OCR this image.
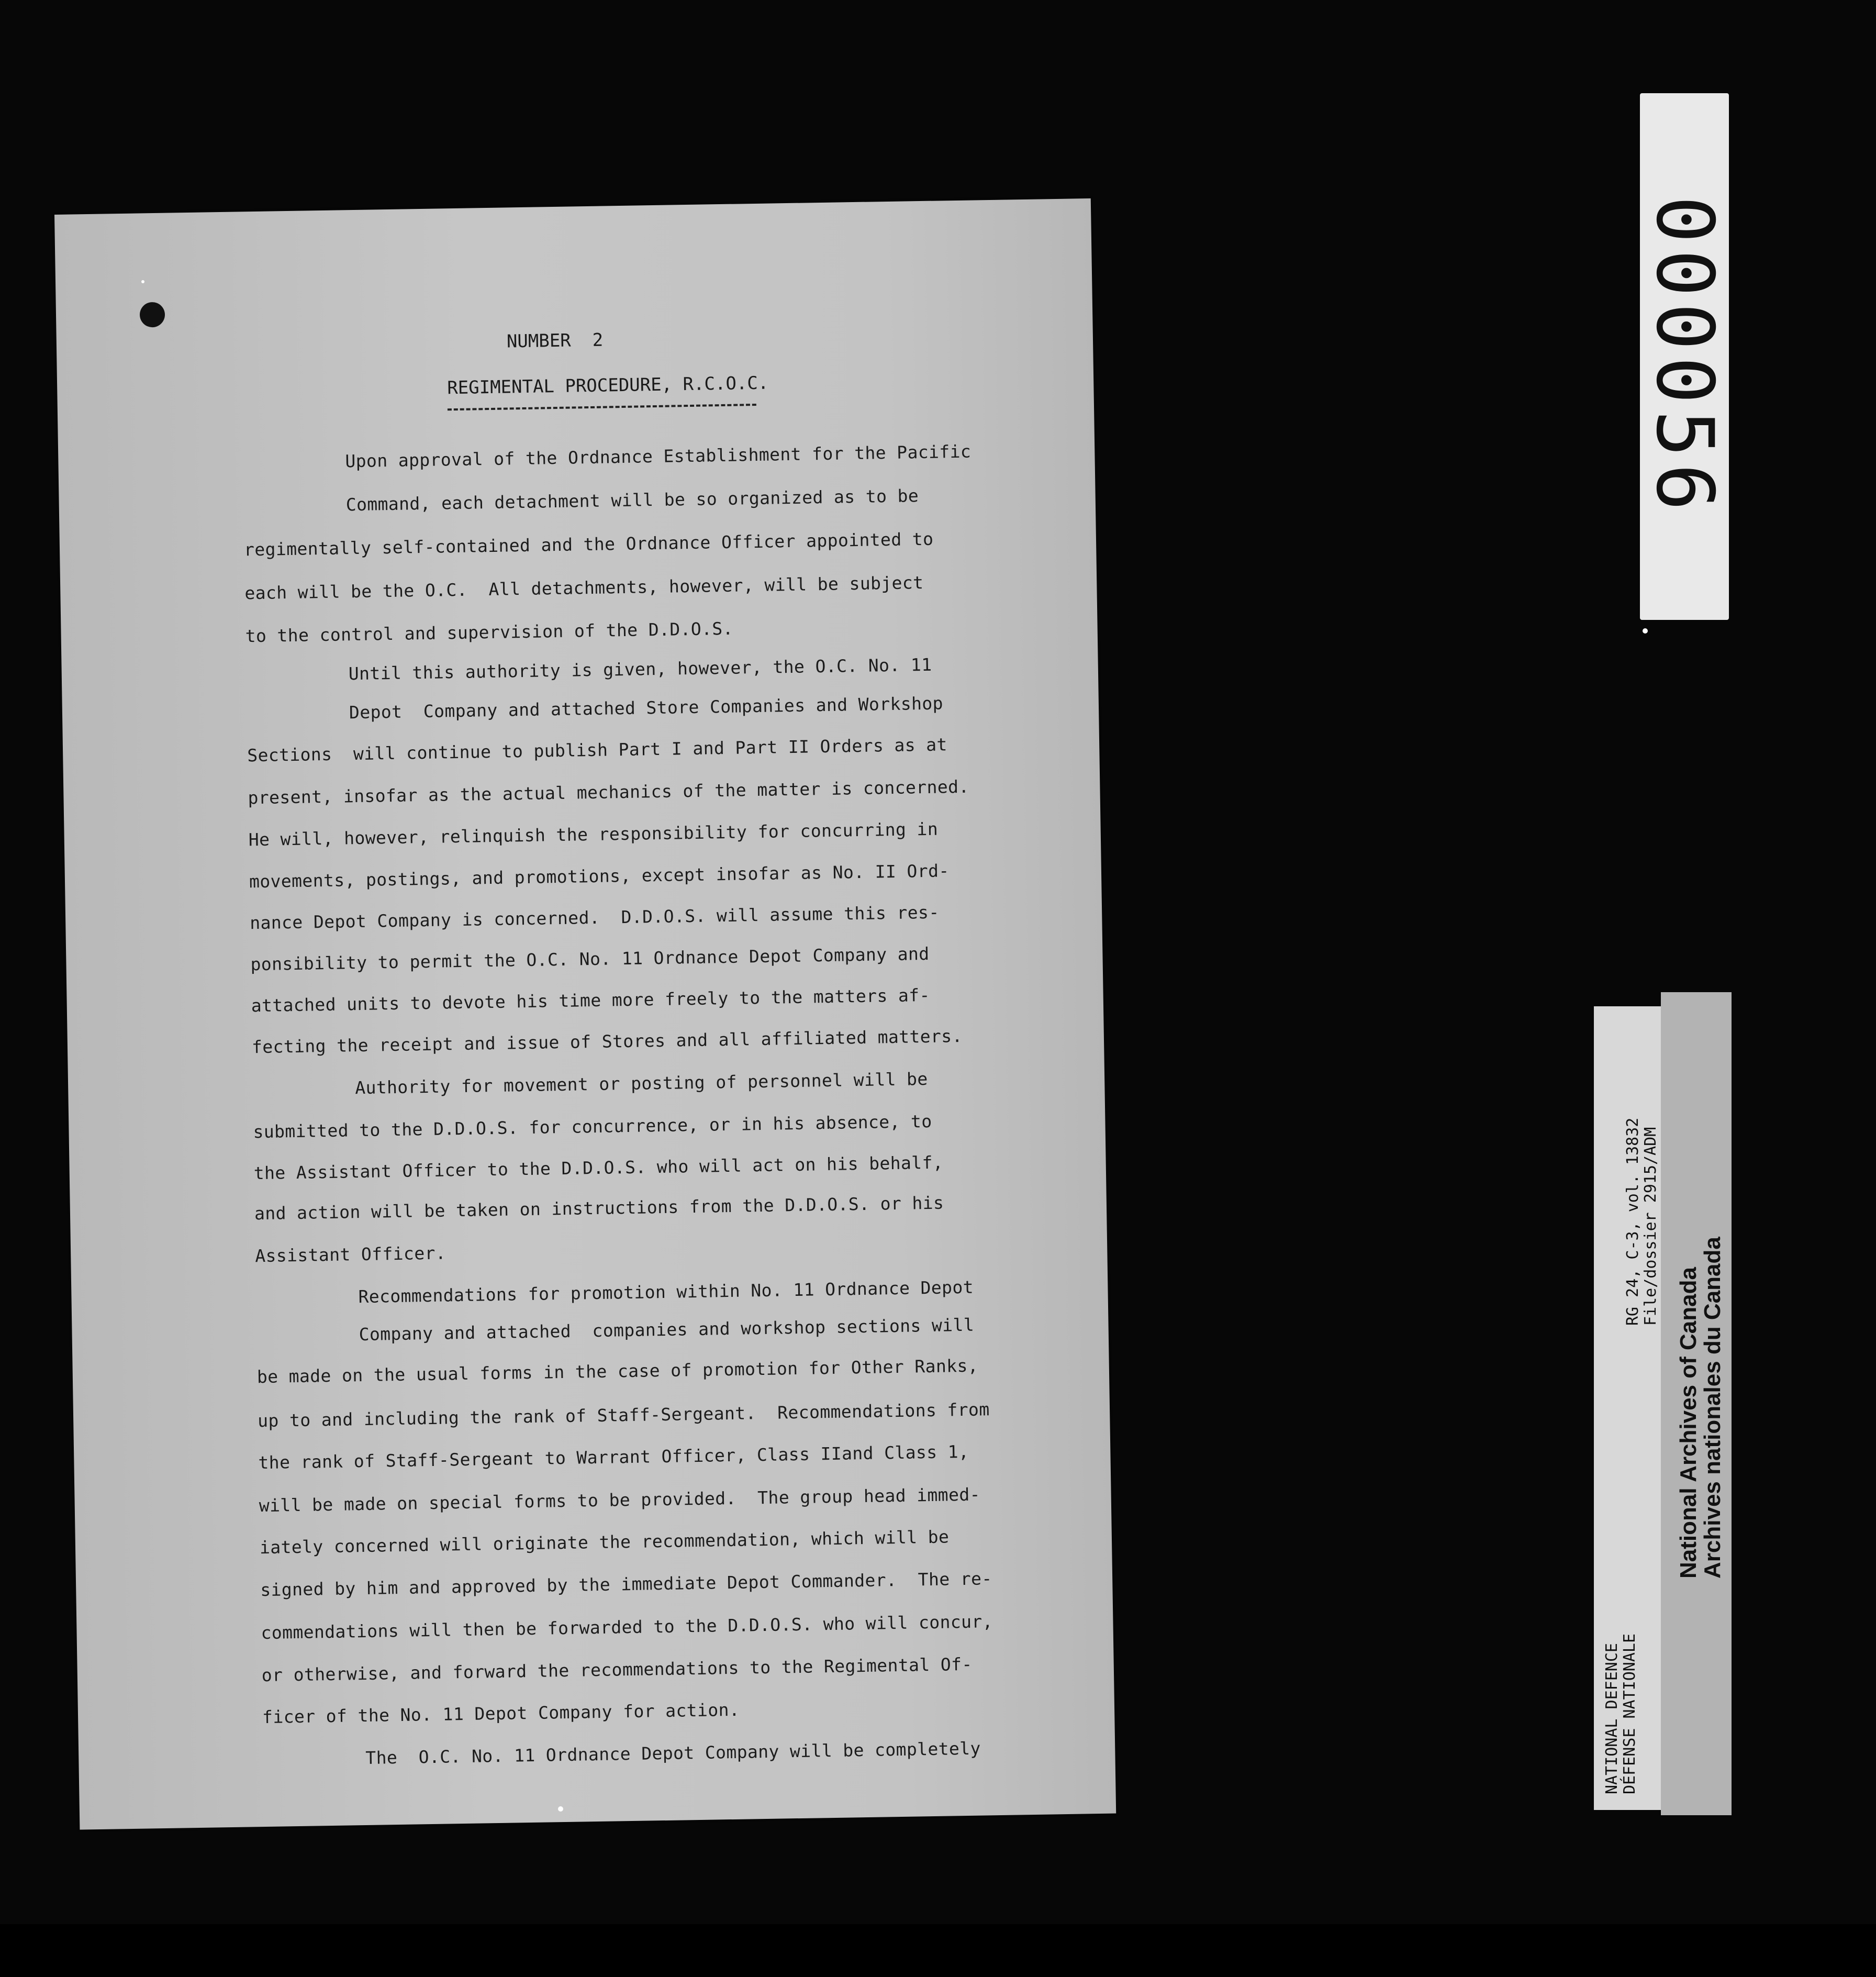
NUMBER  2
REGIMENTAL PROCEDURE, R.C.O.C.
Upon approval of the Ordnance Establishment for the Pacific
Command, each detachment will be so organized as to be
regimentally self-contained and the Ordnance Officer appointed to
each will be the O.C.  All detachments, however, will be subject
to the control and supervision of the D.D.O.S.
Until this authority is given, however, the O.C. No. 11
Depot  Company and attached Store Companies and Workshop
Sections  will continue to publish Part I and Part II Orders as at
present, insofar as the actual mechanics of the matter is concerned.
He will, however, relinquish the responsibility for concurring in
movements, postings, and promotions, except insofar as No. II Ord-
nance Depot Company is concerned.  D.D.O.S. will assume this res-
ponsibility to permit the O.C. No. 11 Ordnance Depot Company and
attached units to devote his time more freely to the matters af-
fecting the receipt and issue of Stores and all affiliated matters.
Authority for movement or posting of personnel will be
submitted to the D.D.O.S. for concurrence, or in his absence, to
the Assistant Officer to the D.D.O.S. who will act on his behalf,
and action will be taken on instructions from the D.D.O.S. or his
Assistant Officer.
Recommendations for promotion within No. 11 Ordnance Depot
Company and attached  companies and workshop sections will
be made on the usual forms in the case of promotion for Other Ranks,
up to and including the rank of Staff-Sergeant.  Recommendations from
the rank of Staff-Sergeant to Warrant Officer, Class IIand Class 1,
will be made on special forms to be provided.  The group head immed-
iately concerned will originate the recommendation, which will be
signed by him and approved by the immediate Depot Commander.  The re-
commendations will then be forwarded to the D.D.O.S. who will concur,
or otherwise, and forward the recommendations to the Regimental Of-
ficer of the No. 11 Depot Company for action.
The  O.C. No. 11 Ordnance Depot Company will be completely
000056
NATIONAL DEFENCE DÉFENSE NATIONALE
RG 24, C-3, vol. 13832 File/dossier 2915/ADM
National Archives of Canada
Archives nationales du Canada
